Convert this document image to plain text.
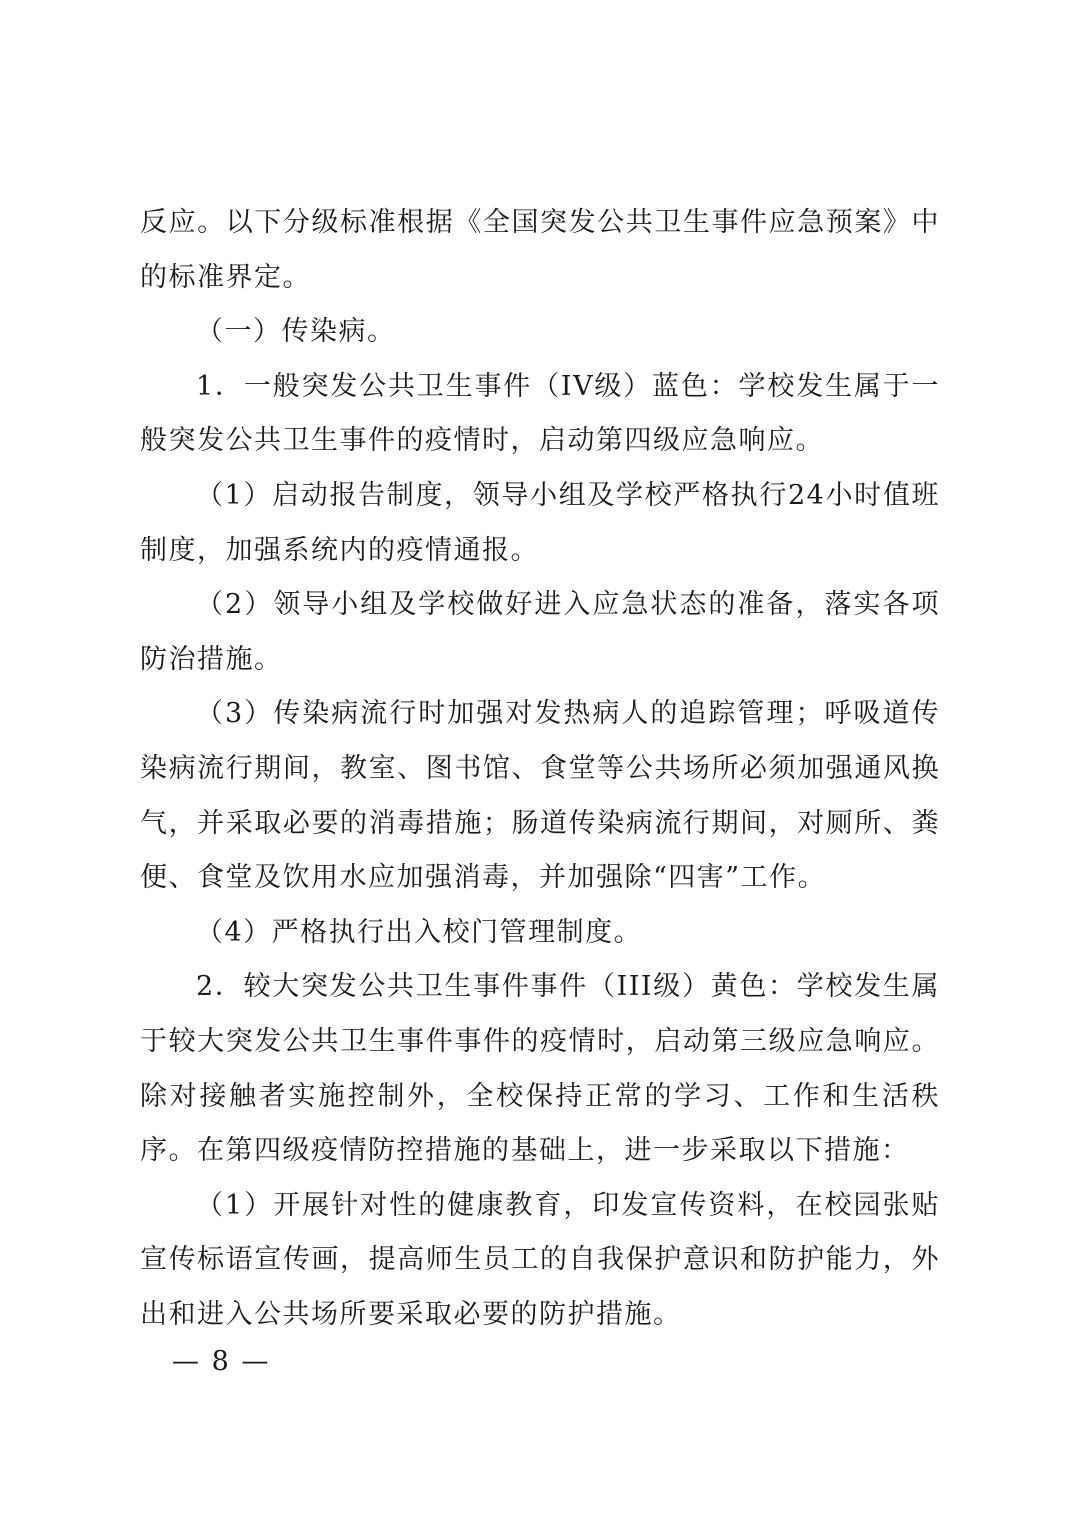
反应。以下分级标准根据《全国突发公共卫生事件应急预案》中的标准界定。

（一）传染病。

1．一般突发公共卫生事件（IV级）蓝色：学校发生属于一般突发公共卫生事件的疫情时，启动第四级应急响应。

（1）启动报告制度，领导小组及学校严格执行24小时值班制度，加强系统内的疫情通报。

（2）领导小组及学校做好进入应急状态的准备，落实各项防治措施。

（3）传染病流行时加强对发热病人的追踪管理；呼吸道传染病流行期间，教室、图书馆、食堂等公共场所必须加强通风换气，并采取必要的消毒措施；肠道传染病流行期间，对厕所、粪便、食堂及饮用水应加强消毒，并加强除“四害”工作。

（4）严格执行出入校门管理制度。

2．较大突发公共卫生事件事件（III级）黄色：学校发生属于较大突发公共卫生事件事件的疫情时，启动第三级应急响应。除对接触者实施控制外，全校保持正常的学习、工作和生活秩序。在第四级疫情防控措施的基础上，进一步采取以下措施：

（1）开展针对性的健康教育，印发宣传资料，在校园张贴宣传标语宣传画，提高师生员工的自我保护意识和防护能力，外出和进入公共场所要采取必要的防护措施。

— 8 —
